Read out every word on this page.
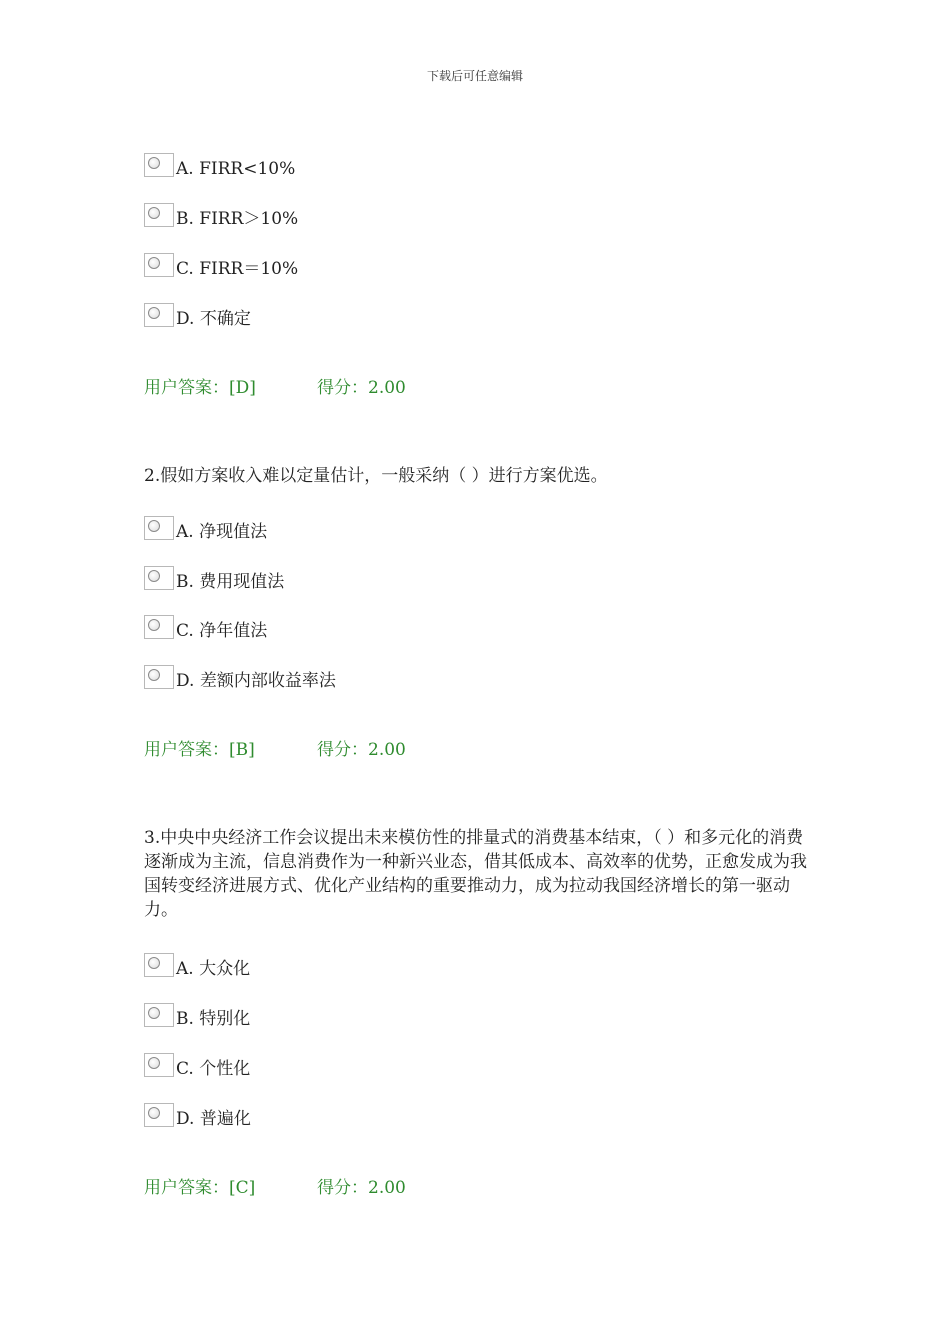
下载后可任意编辑
A. FIRR<10%
B. FIRR＞10%
C. FIRR＝10%
D. 不确定
用户答案：[D]	得分：2.00
2.假如方案收入难以定量估计，一般采纳（ ）进行方案优选。
A. 净现值法
B. 费用现值法
C. 净年值法
D. 差额内部收益率法
用户答案：[B]	得分：2.00
3.中央中央经济工作会议提出未来模仿性的排量式的消费基本结束，（ ）和多元化的消费逐渐成为主流，信息消费作为一种新兴业态，借其低成本、高效率的优势，正愈发成为我国转变经济进展方式、优化产业结构的重要推动力，成为拉动我国经济增长的第一驱动力。
A. 大众化
B. 特别化
C. 个性化
D. 普遍化
用户答案：[C]	得分：2.00
